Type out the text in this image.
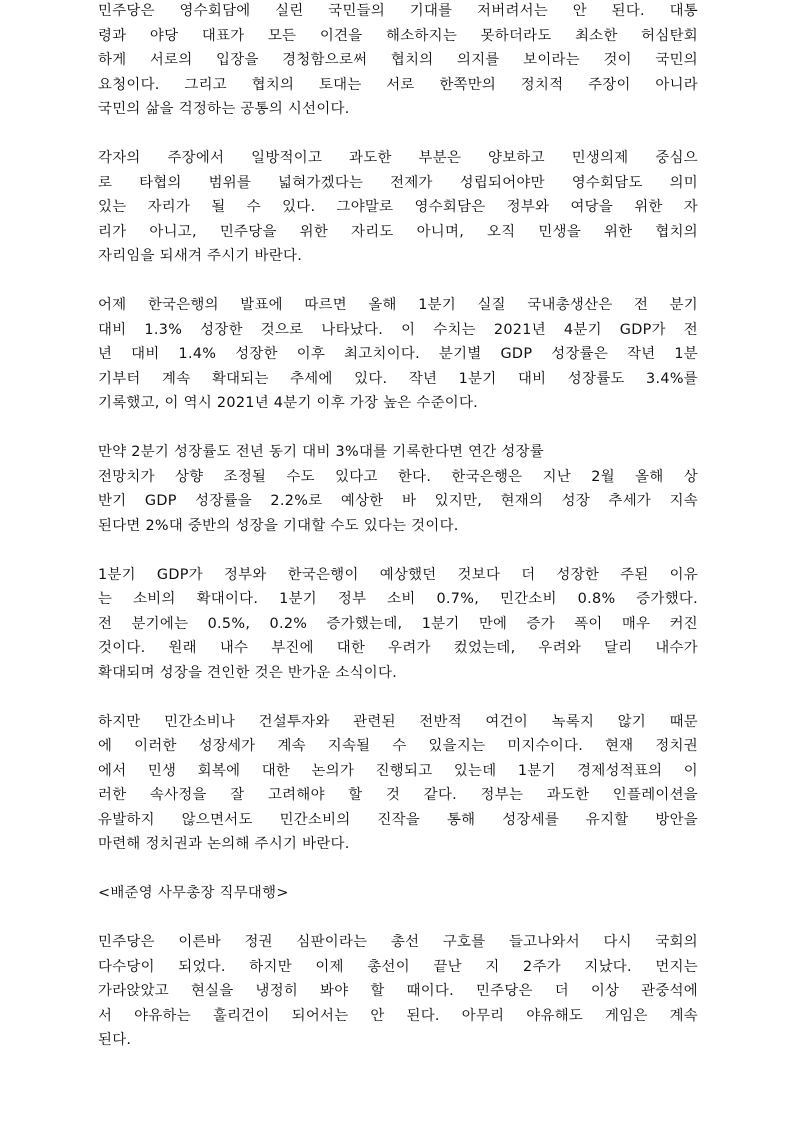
민주당은 영수회담에 실린 국민들의 기대를 저버려서는 안 된다. 대통
령과 야당 대표가 모든 이견을 해소하지는 못하더라도 최소한 허심탄회
하게 서로의 입장을 경청함으로써 협치의 의지를 보이라는 것이 국민의
요청이다. 그리고 협치의 토대는 서로 한쪽만의 정치적 주장이 아니라
국민의 삶을 걱정하는 공통의 시선이다.
각자의 주장에서 일방적이고 과도한 부분은 양보하고 민생의제 중심으
로 타협의 범위를 넓혀가겠다는 전제가 성립되어야만 영수회담도 의미
있는 자리가 될 수 있다. 그야말로 영수회담은 정부와 여당을 위한 자
리가 아니고, 민주당을 위한 자리도 아니며, 오직 민생을 위한 협치의
자리임을 되새겨 주시기 바란다.
어제 한국은행의 발표에 따르면 올해 1분기 실질 국내총생산은 전 분기
대비 1.3% 성장한 것으로 나타났다. 이 수치는 2021년 4분기 GDP가 전
년 대비 1.4% 성장한 이후 최고치이다. 분기별 GDP 성장률은 작년 1분
기부터 계속 확대되는 추세에 있다. 작년 1분기 대비 성장률도 3.4%를
기록했고, 이 역시 2021년 4분기 이후 가장 높은 수준이다.
만약 2분기 성장률도 전년 동기 대비 3%대를 기록한다면 연간 성장률
전망치가 상향 조정될 수도 있다고 한다. 한국은행은 지난 2월 올해 상
반기 GDP 성장률을 2.2%로 예상한 바 있지만, 현재의 성장 추세가 지속
된다면 2%대 중반의 성장을 기대할 수도 있다는 것이다.
1분기 GDP가 정부와 한국은행이 예상했던 것보다 더 성장한 주된 이유
는 소비의 확대이다. 1분기 정부 소비 0.7%, 민간소비 0.8% 증가했다.
전 분기에는 0.5%, 0.2% 증가했는데, 1분기 만에 증가 폭이 매우 커진
것이다. 원래 내수 부진에 대한 우려가 컸었는데, 우려와 달리 내수가
확대되며 성장을 견인한 것은 반가운 소식이다.
하지만 민간소비나 건설투자와 관련된 전반적 여건이 녹록지 않기 때문
에 이러한 성장세가 계속 지속될 수 있을지는 미지수이다. 현재 정치권
에서 민생 회복에 대한 논의가 진행되고 있는데 1분기 경제성적표의 이
러한 속사정을 잘 고려해야 할 것 같다. 정부는 과도한 인플레이션을
유발하지 않으면서도 민간소비의 진작을 통해 성장세를 유지할 방안을
마련해 정치권과 논의해 주시기 바란다.
<배준영 사무총장 직무대행>
민주당은 이른바 정권 심판이라는 총선 구호를 들고나와서 다시 국회의
다수당이 되었다. 하지만 이제 총선이 끝난 지 2주가 지났다. 먼지는
가라앉았고 현실을 냉정히 봐야 할 때이다. 민주당은 더 이상 관중석에
서 야유하는 훌리건이 되어서는 안 된다. 아무리 야유해도 게임은 계속
된다.
